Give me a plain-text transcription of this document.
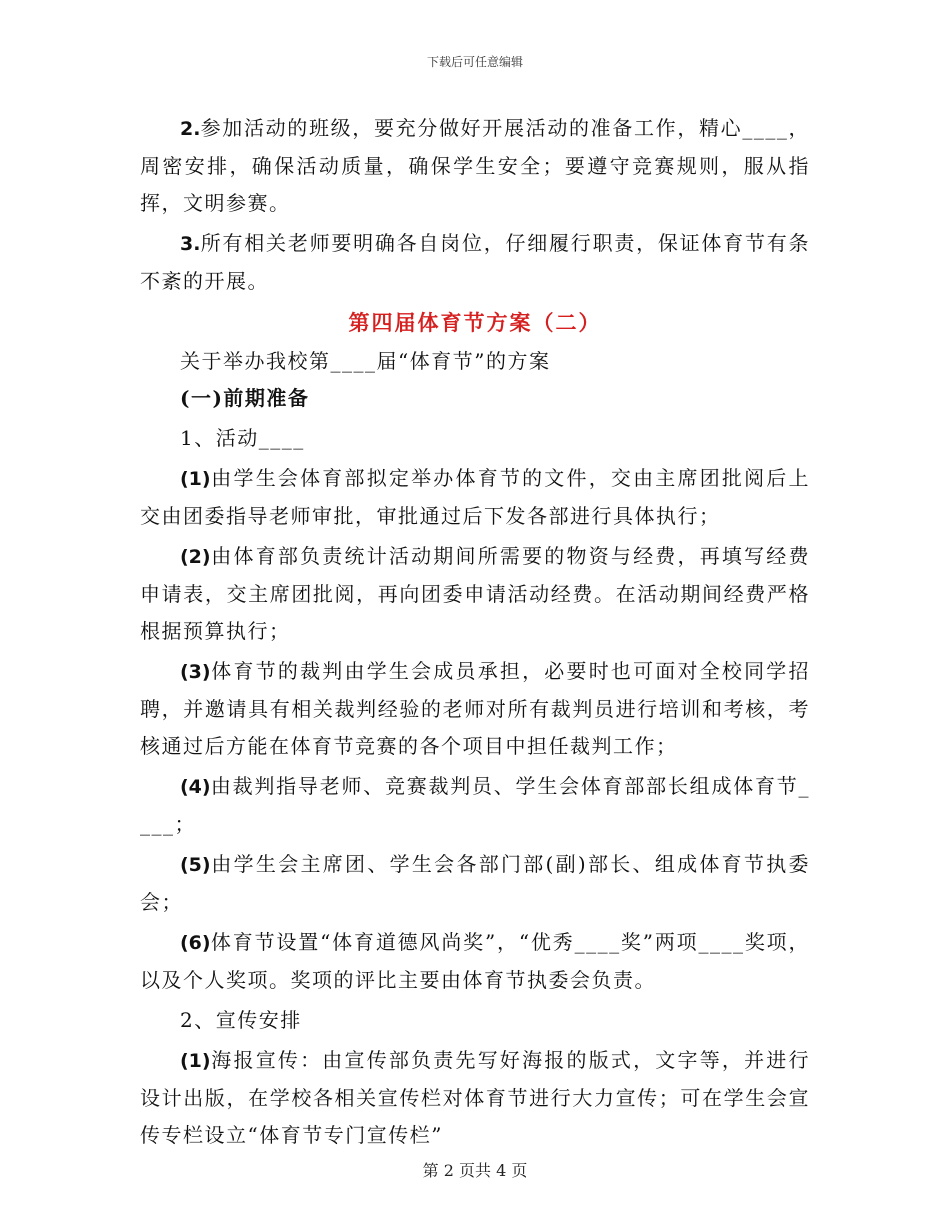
下载后可任意编辑

2.参加活动的班级，要充分做好开展活动的准备工作，精心____，周密安排，确保活动质量，确保学生安全；要遵守竞赛规则，服从指挥，文明参赛。

3.所有相关老师要明确各自岗位，仔细履行职责，保证体育节有条不紊的开展。

第四届体育节方案（二）

关于举办我校第____届“体育节”的方案

(一)前期准备

1、活动____

(1)由学生会体育部拟定举办体育节的文件，交由主席团批阅后上交由团委指导老师审批，审批通过后下发各部进行具体执行；

(2)由体育部负责统计活动期间所需要的物资与经费，再填写经费申请表，交主席团批阅，再向团委申请活动经费。在活动期间经费严格根据预算执行；

(3)体育节的裁判由学生会成员承担，必要时也可面对全校同学招聘，并邀请具有相关裁判经验的老师对所有裁判员进行培训和考核，考核通过后方能在体育节竞赛的各个项目中担任裁判工作；

(4)由裁判指导老师、竞赛裁判员、学生会体育部部长组成体育节____；

(5)由学生会主席团、学生会各部门部(副)部长、组成体育节执委会；

(6)体育节设置“体育道德风尚奖”，“优秀____奖”两项____奖项，以及个人奖项。奖项的评比主要由体育节执委会负责。

2、宣传安排

(1)海报宣传：由宣传部负责先写好海报的版式，文字等，并进行设计出版，在学校各相关宣传栏对体育节进行大力宣传；可在学生会宣传专栏设立“体育节专门宣传栏”

第 2 页共 4 页
